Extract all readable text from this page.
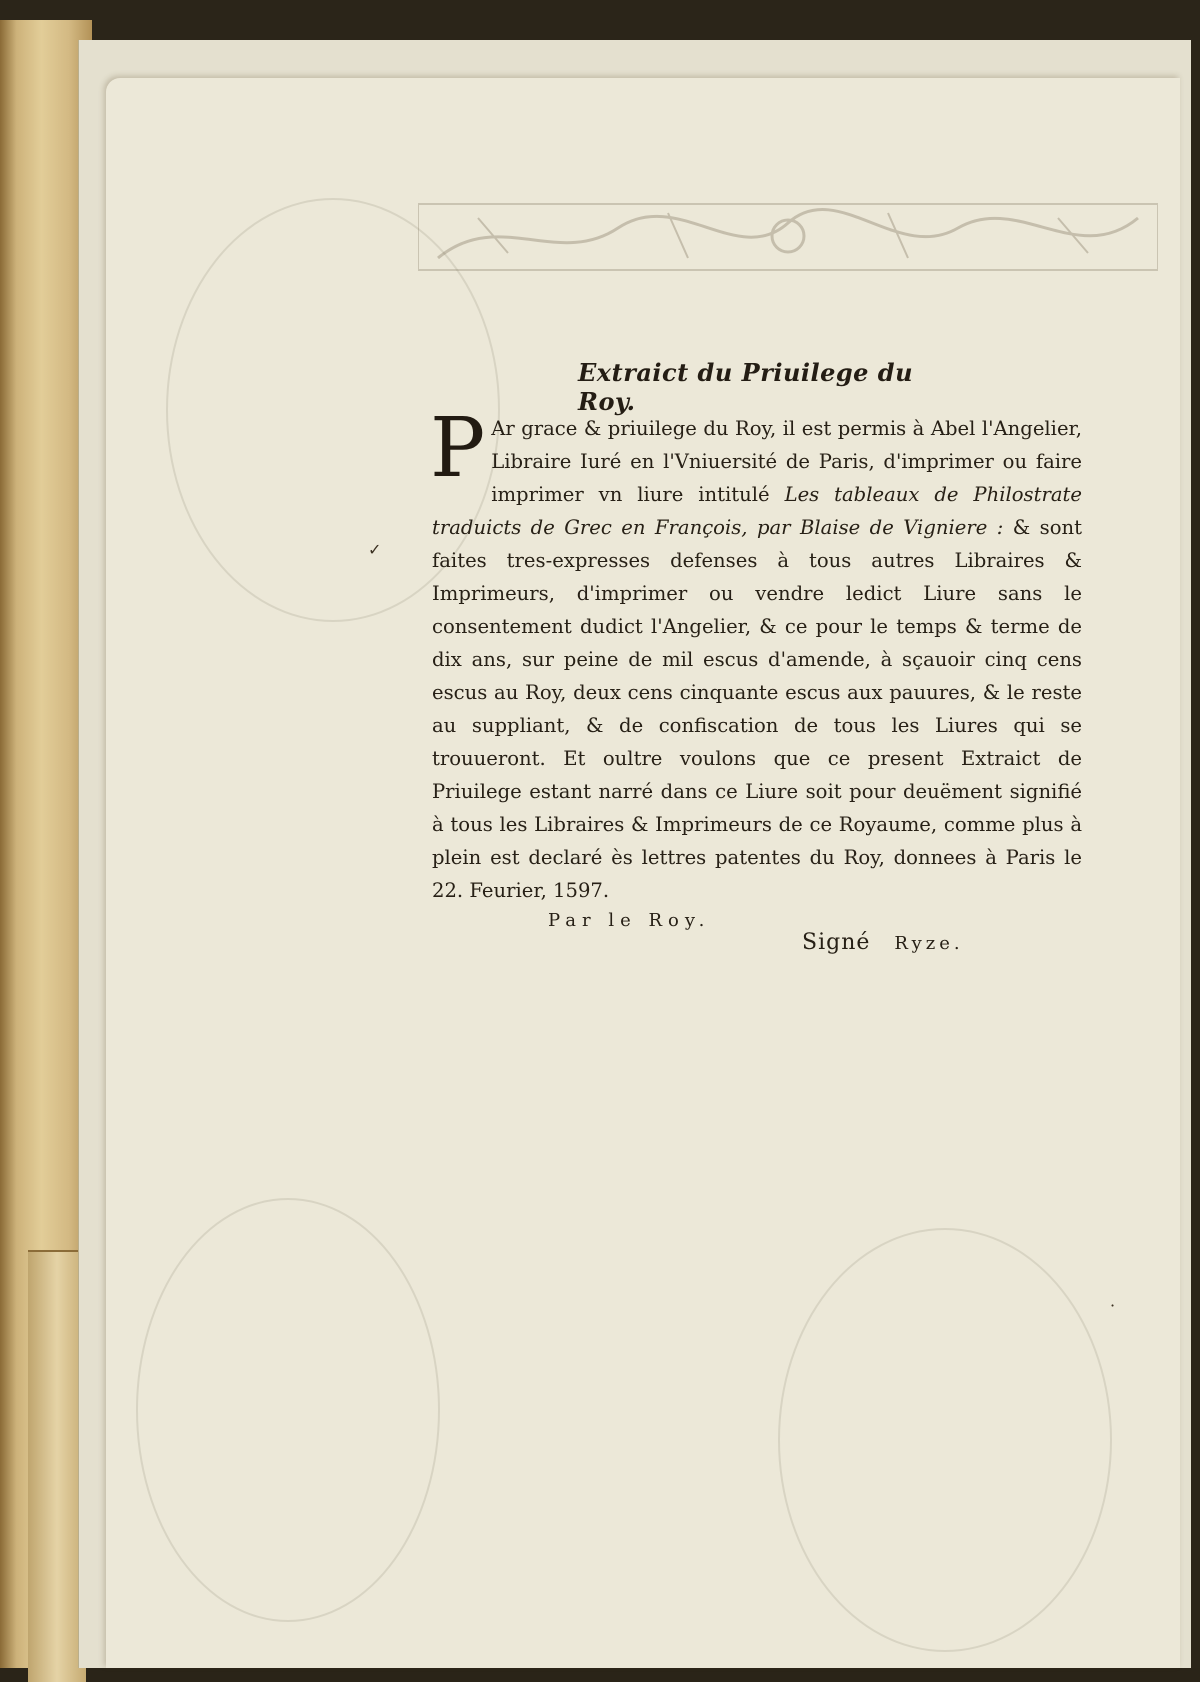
Extraict du Priuilege du Roy.
P Ar grace & priuilege du Roy, il est permis à Abel l'Angelier, Libraire Iuré en l'Vniuersité de Paris, d'imprimer ou faire imprimer vn liure intitulé Les tableaux de Philostrate traduicts de Grec en François, par Blaise de Vigniere : & sont faites tres-expresses defenses à tous autres Libraires & Imprimeurs, d'imprimer ou vendre ledict Liure sans le consentement dudict l'Angelier, & ce pour le temps & terme de dix ans, sur peine de mil escus d'amende, à sçauoir cinq cens escus au Roy, deux cens cinquante escus aux pauures, & le reste au suppliant, & de confiscation de tous les Liures qui se trouueront. Et oultre voulons que ce present Extraict de Priuilege estant narré dans ce Liure soit pour deuëment signifié à tous les Libraires & Imprimeurs de ce Royaume, comme plus à plein est declaré ès lettres patentes du Roy, donnees à Paris le 22. Feurier, 1597.
Par le Roy.
Signé Ryze.
✓
·
